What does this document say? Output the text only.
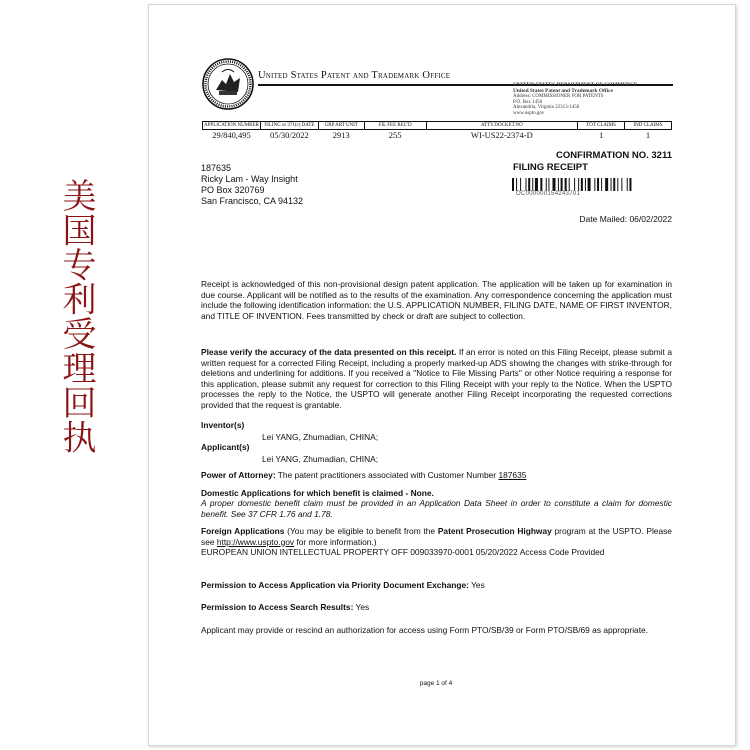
美国专利受理回执
United States Patent and Trademark Office
UNITED STATES DEPARTMENT OF COMMERCE
United States Patent and Trademark Office
Address: COMMISSIONER FOR PATENTS
P.O. Box 1450
Alexandria, Virginia 22313-1450
www.uspto.gov
APPLICATION NUMBER	FILING or 371(c) DATE	GRP ART UNIT	FIL FEE REC'D	ATTY.DOCKET.NO	TOT CLAIMS	IND CLAIMS
29/840,495	05/30/2022	2913	255	WI-US22-2374-D	1	1
CONFIRMATION NO. 3211
FILING RECEIPT
OC000000154243701
187635
Ricky Lam - Way Insight
PO Box 320769
San Francisco, CA 94132
Date Mailed: 06/02/2022
Receipt is acknowledged of this non-provisional design patent application. The application will be taken up for examination in due course. Applicant will be notified as to the results of the examination. Any correspondence concerning the application must include the following identification information: the U.S. APPLICATION NUMBER, FILING DATE, NAME OF FIRST INVENTOR, and TITLE OF INVENTION. Fees transmitted by check or draft are subject to collection.
Please verify the accuracy of the data presented on this receipt. If an error is noted on this Filing Receipt, please submit a written request for a corrected Filing Receipt, including a properly marked-up ADS showing the changes with strike-through for deletions and underlining for additions. If you received a "Notice to File Missing Parts" or other Notice requiring a response for this application, please submit any request for correction to this Filing Receipt with your reply to the Notice. When the USPTO processes the reply to the Notice, the USPTO will generate another Filing Receipt incorporating the requested corrections provided that the request is grantable.
Inventor(s)
Lei YANG, Zhumadian, CHINA;
Applicant(s)
Lei YANG, Zhumadian, CHINA;
Power of Attorney: The patent practitioners associated with Customer Number 187635
Domestic Applications for which benefit is claimed - None.
A proper domestic benefit claim must be provided in an Application Data Sheet in order to constitute a claim for domestic benefit. See 37 CFR 1.76 and 1.78.
Foreign Applications (You may be eligible to benefit from the Patent Prosecution Highway program at the USPTO. Please see http://www.uspto.gov for more information.)
EUROPEAN UNION INTELLECTUAL PROPERTY OFF 009033970-0001 05/20/2022 Access Code Provided
Permission to Access Application via Priority Document Exchange: Yes
Permission to Access Search Results: Yes
Applicant may provide or rescind an authorization for access using Form PTO/SB/39 or Form PTO/SB/69 as appropriate.
page 1 of 4
